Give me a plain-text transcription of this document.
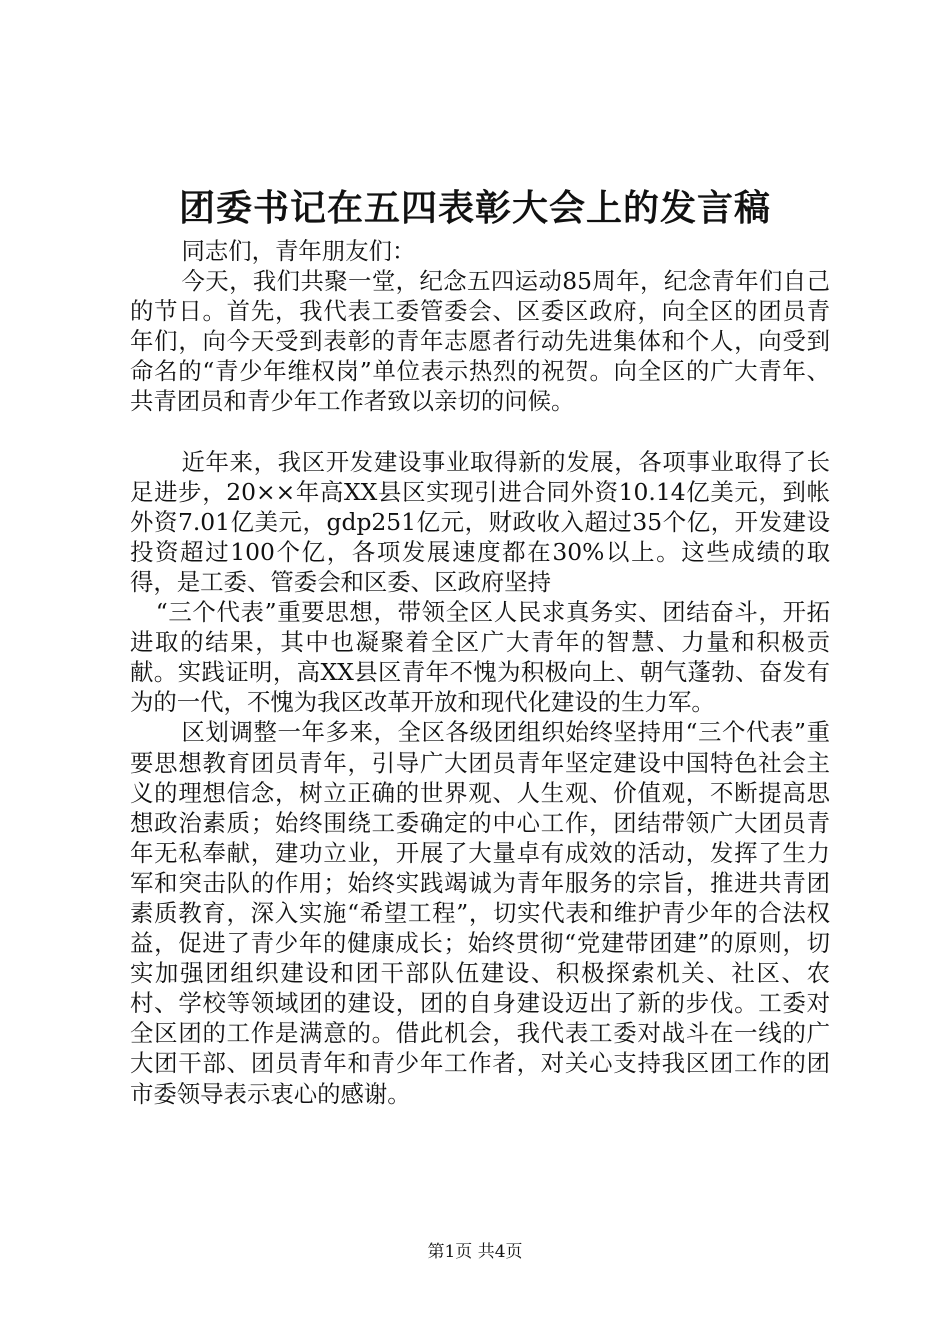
团委书记在五四表彰大会上的发言稿

同志们，青年朋友们：

今天，我们共聚一堂，纪念五四运动85周年，纪念青年们自己的节日。首先，我代表工委管委会、区委区政府，向全区的团员青年们，向今天受到表彰的青年志愿者行动先进集体和个人，向受到命名的“青少年维权岗”单位表示热烈的祝贺。向全区的广大青年、共青团员和青少年工作者致以亲切的问候。

近年来，我区开发建设事业取得新的发展，各项事业取得了长足进步，20××年高XX县区实现引进合同外资10.14亿美元，到帐外资7.01亿美元，gdp251亿元，财政收入超过35个亿，开发建设投资超过100个亿，各项发展速度都在30%以上。这些成绩的取得，是工委、管委会和区委、区政府坚持

“三个代表”重要思想，带领全区人民求真务实、团结奋斗，开拓进取的结果，其中也凝聚着全区广大青年的智慧、力量和积极贡献。实践证明，高XX县区青年不愧为积极向上、朝气蓬勃、奋发有为的一代，不愧为我区改革开放和现代化建设的生力军。

区划调整一年多来，全区各级团组织始终坚持用“三个代表”重要思想教育团员青年，引导广大团员青年坚定建设中国特色社会主义的理想信念，树立正确的世界观、人生观、价值观，不断提高思想政治素质；始终围绕工委确定的中心工作，团结带领广大团员青年无私奉献，建功立业，开展了大量卓有成效的活动，发挥了生力军和突击队的作用；始终实践竭诚为青年服务的宗旨，推进共青团素质教育，深入实施“希望工程”，切实代表和维护青少年的合法权益，促进了青少年的健康成长；始终贯彻“党建带团建”的原则，切实加强团组织建设和团干部队伍建设、积极探索机关、社区、农村、学校等领域团的建设，团的自身建设迈出了新的步伐。工委对全区团的工作是满意的。借此机会，我代表工委对战斗在一线的广大团干部、团员青年和青少年工作者，对关心支持我区团工作的团市委领导表示衷心的感谢。

第1页 共4页
